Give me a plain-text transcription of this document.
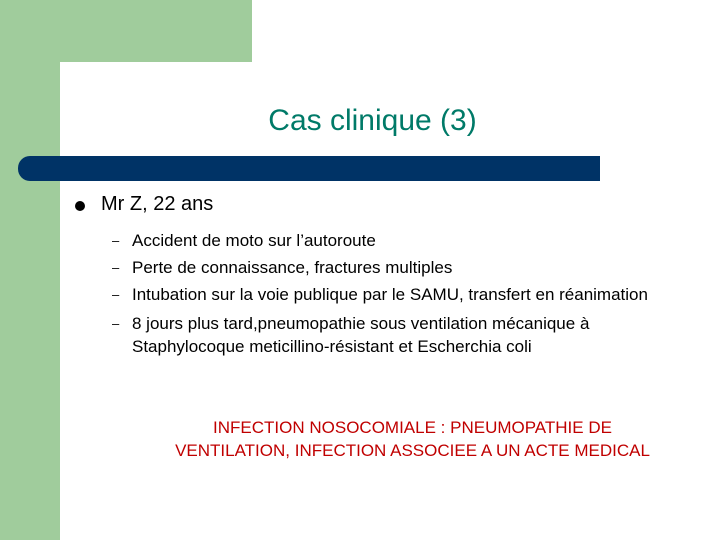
Cas clinique (3)
Mr Z, 22 ans
– Accident de moto sur l’autoroute
– Perte de connaissance, fractures multiples
– Intubation sur la voie publique par le SAMU, transfert en réanimation
– 8 jours plus tard,pneumopathie sous ventilation mécanique à Staphylocoque meticillino-résistant et Escherchia coli
INFECTION NOSOCOMIALE : PNEUMOPATHIE DE VENTILATION, INFECTION ASSOCIEE A UN ACTE MEDICAL
